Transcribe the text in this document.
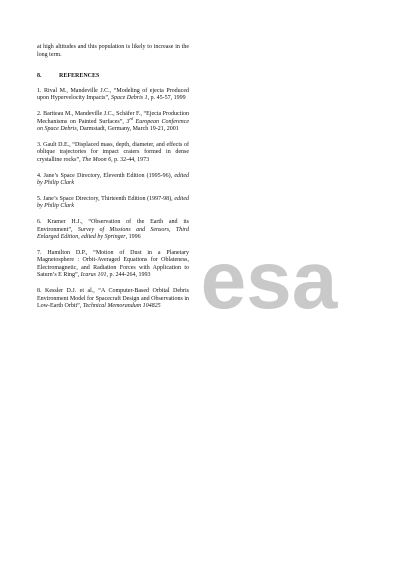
at high altitudes and this population is likely to increase in the long term.

8.	REFERENCES

1. Rival M., Mandeville J.C., “Modeling of ejecta Produced upon Hypervelocity Impacts”, Space Debris 1, p. 45-57, 1999

2. Bariteau M., Mandeville J.C., Schäfer F., “Ejecta Production Mechanisms on Painted Surfaces”, 3rd European Conference on Space Debris, Darmstadt, Germany, March 19-21, 2001

3. Gault D.E., “Displaced mass, depth, diameter, and effects of oblique trajectories for impact craters formed in dense crystalline rocks”, The Moon 6, p. 32-44, 1973

4. Jane’s Space Directory, Eleventh Edition (1995-96), edited by Philip Clark

5. Jane’s Space Directory, Thirteenth Edition (1997-98), edited by Philip Clark

6. Kramer H.J., “Observation of the Earth and its Environment”, Survey of Missions and Sensors, Third Enlarged Edition, edited by Springer, 1996

7. Hamilton D.P., “Motion of Dust in a Planetary Magnetosphere : Orbit-Averaged Equations for Oblateness, Electromagnetic, and Radiation Forces with Application to Saturn’s E Ring”, Icarus 101, p. 244-264, 1993

8. Kessler D.J. et al., “A Computer-Based Orbital Debris Environment Model for Spacecraft Design and Observations in Low-Earth Orbit”, Technical Memorandum 104825 esa
